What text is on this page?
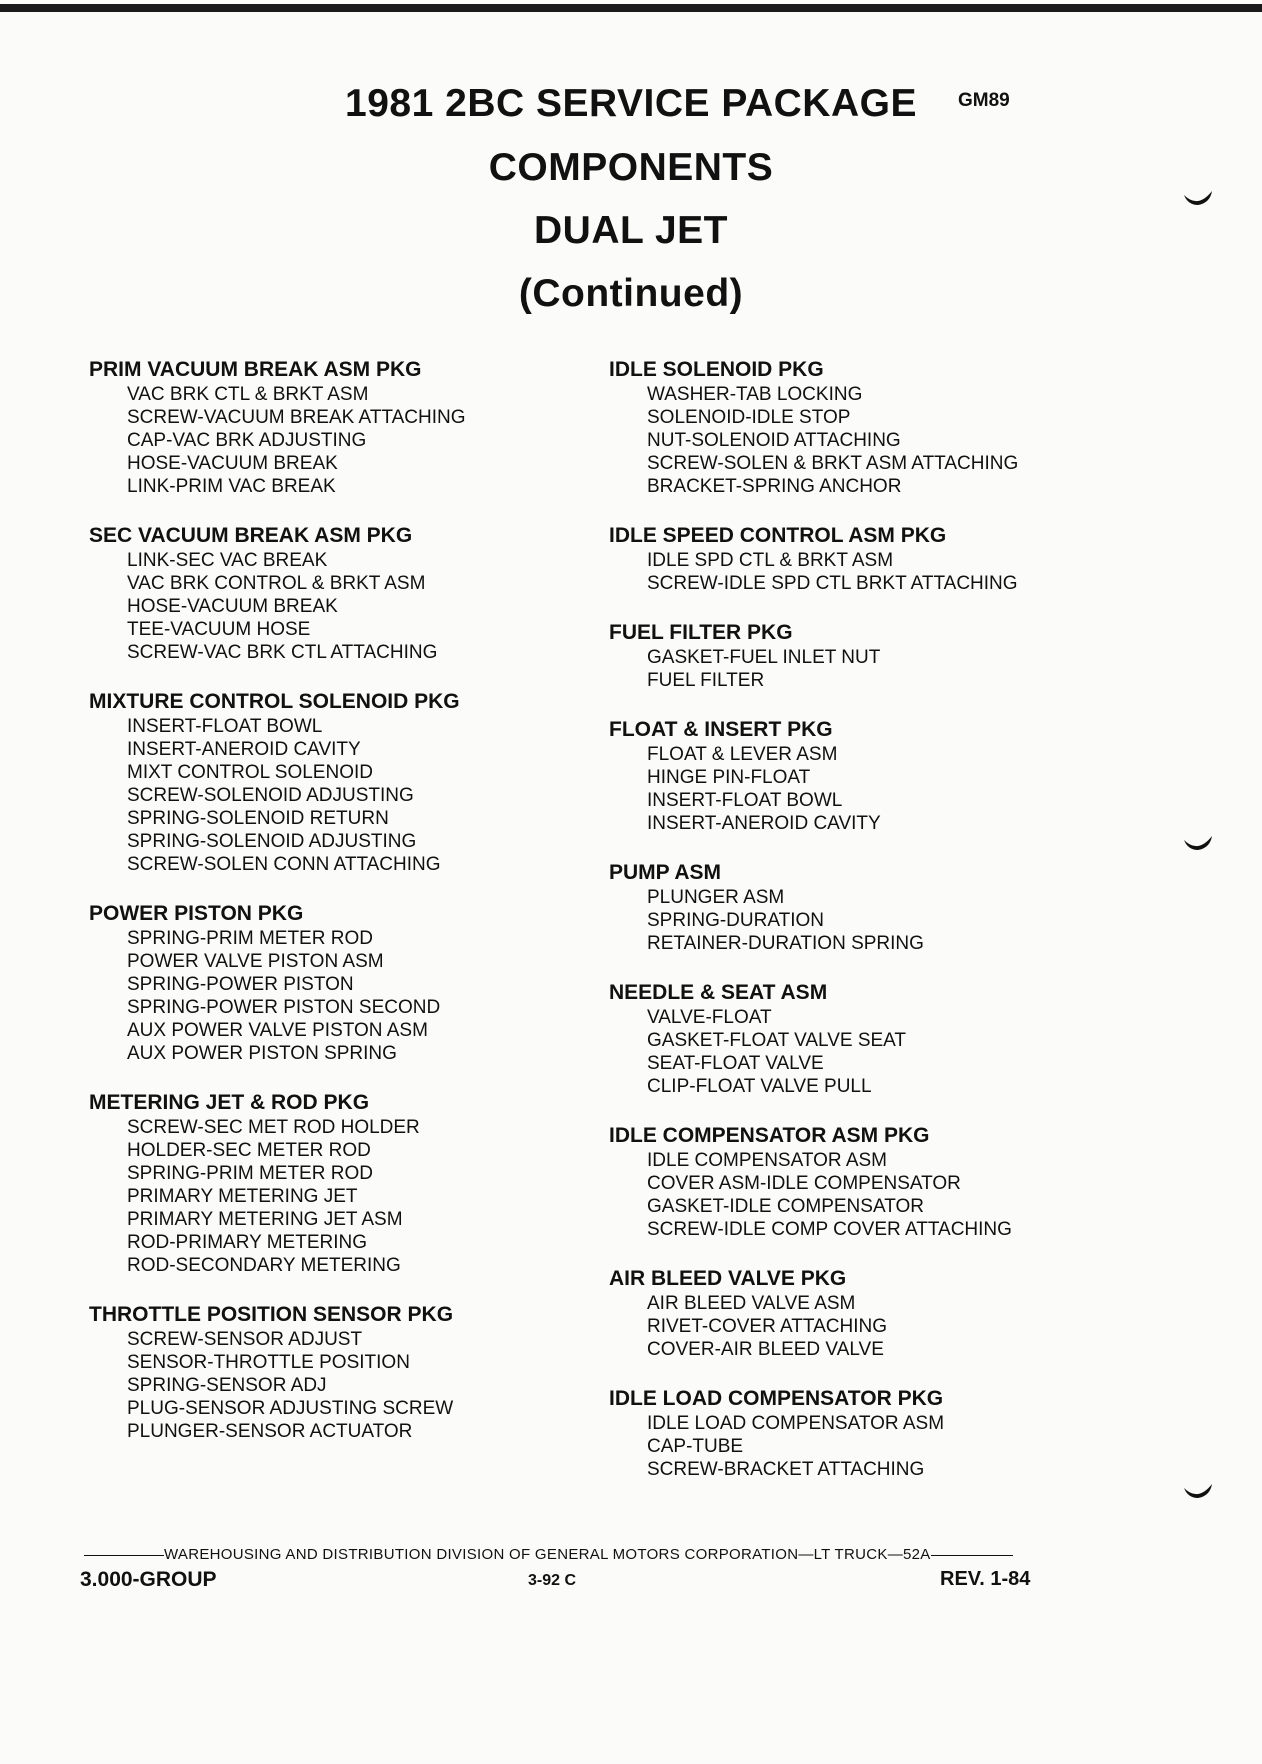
1981 2BC SERVICE PACKAGE
COMPONENTS
DUAL JET
(Continued)
GM89
PRIM VACUUM BREAK ASM PKG
VAC BRK CTL & BRKT ASM
SCREW-VACUUM BREAK ATTACHING
CAP-VAC BRK ADJUSTING
HOSE-VACUUM BREAK
LINK-PRIM VAC BREAK
SEC VACUUM BREAK ASM PKG
LINK-SEC VAC BREAK
VAC BRK CONTROL & BRKT ASM
HOSE-VACUUM BREAK
TEE-VACUUM HOSE
SCREW-VAC BRK CTL ATTACHING
MIXTURE CONTROL SOLENOID PKG
INSERT-FLOAT BOWL
INSERT-ANEROID CAVITY
MIXT CONTROL SOLENOID
SCREW-SOLENOID ADJUSTING
SPRING-SOLENOID RETURN
SPRING-SOLENOID ADJUSTING
SCREW-SOLEN CONN ATTACHING
POWER PISTON PKG
SPRING-PRIM METER ROD
POWER VALVE PISTON ASM
SPRING-POWER PISTON
SPRING-POWER PISTON SECOND
AUX POWER VALVE PISTON ASM
AUX POWER PISTON SPRING
METERING JET & ROD PKG
SCREW-SEC MET ROD HOLDER
HOLDER-SEC METER ROD
SPRING-PRIM METER ROD
PRIMARY METERING JET
PRIMARY METERING JET ASM
ROD-PRIMARY METERING
ROD-SECONDARY METERING
THROTTLE POSITION SENSOR PKG
SCREW-SENSOR ADJUST
SENSOR-THROTTLE POSITION
SPRING-SENSOR ADJ
PLUG-SENSOR ADJUSTING SCREW
PLUNGER-SENSOR ACTUATOR
IDLE SOLENOID PKG
WASHER-TAB LOCKING
SOLENOID-IDLE STOP
NUT-SOLENOID ATTACHING
SCREW-SOLEN & BRKT ASM ATTACHING
BRACKET-SPRING ANCHOR
IDLE SPEED CONTROL ASM PKG
IDLE SPD CTL & BRKT ASM
SCREW-IDLE SPD CTL BRKT ATTACHING
FUEL FILTER PKG
GASKET-FUEL INLET NUT
FUEL FILTER
FLOAT & INSERT PKG
FLOAT & LEVER ASM
HINGE PIN-FLOAT
INSERT-FLOAT BOWL
INSERT-ANEROID CAVITY
PUMP ASM
PLUNGER ASM
SPRING-DURATION
RETAINER-DURATION SPRING
NEEDLE & SEAT ASM
VALVE-FLOAT
GASKET-FLOAT VALVE SEAT
SEAT-FLOAT VALVE
CLIP-FLOAT VALVE PULL
IDLE COMPENSATOR ASM PKG
IDLE COMPENSATOR ASM
COVER ASM-IDLE COMPENSATOR
GASKET-IDLE COMPENSATOR
SCREW-IDLE COMP COVER ATTACHING
AIR BLEED VALVE PKG
AIR BLEED VALVE ASM
RIVET-COVER ATTACHING
COVER-AIR BLEED VALVE
IDLE LOAD COMPENSATOR PKG
IDLE LOAD COMPENSATOR ASM
CAP-TUBE
SCREW-BRACKET ATTACHING
WAREHOUSING AND DISTRIBUTION DIVISION OF GENERAL MOTORS CORPORATION—LT TRUCK—52A
3.000-GROUP	3-92 C	REV. 1-84
